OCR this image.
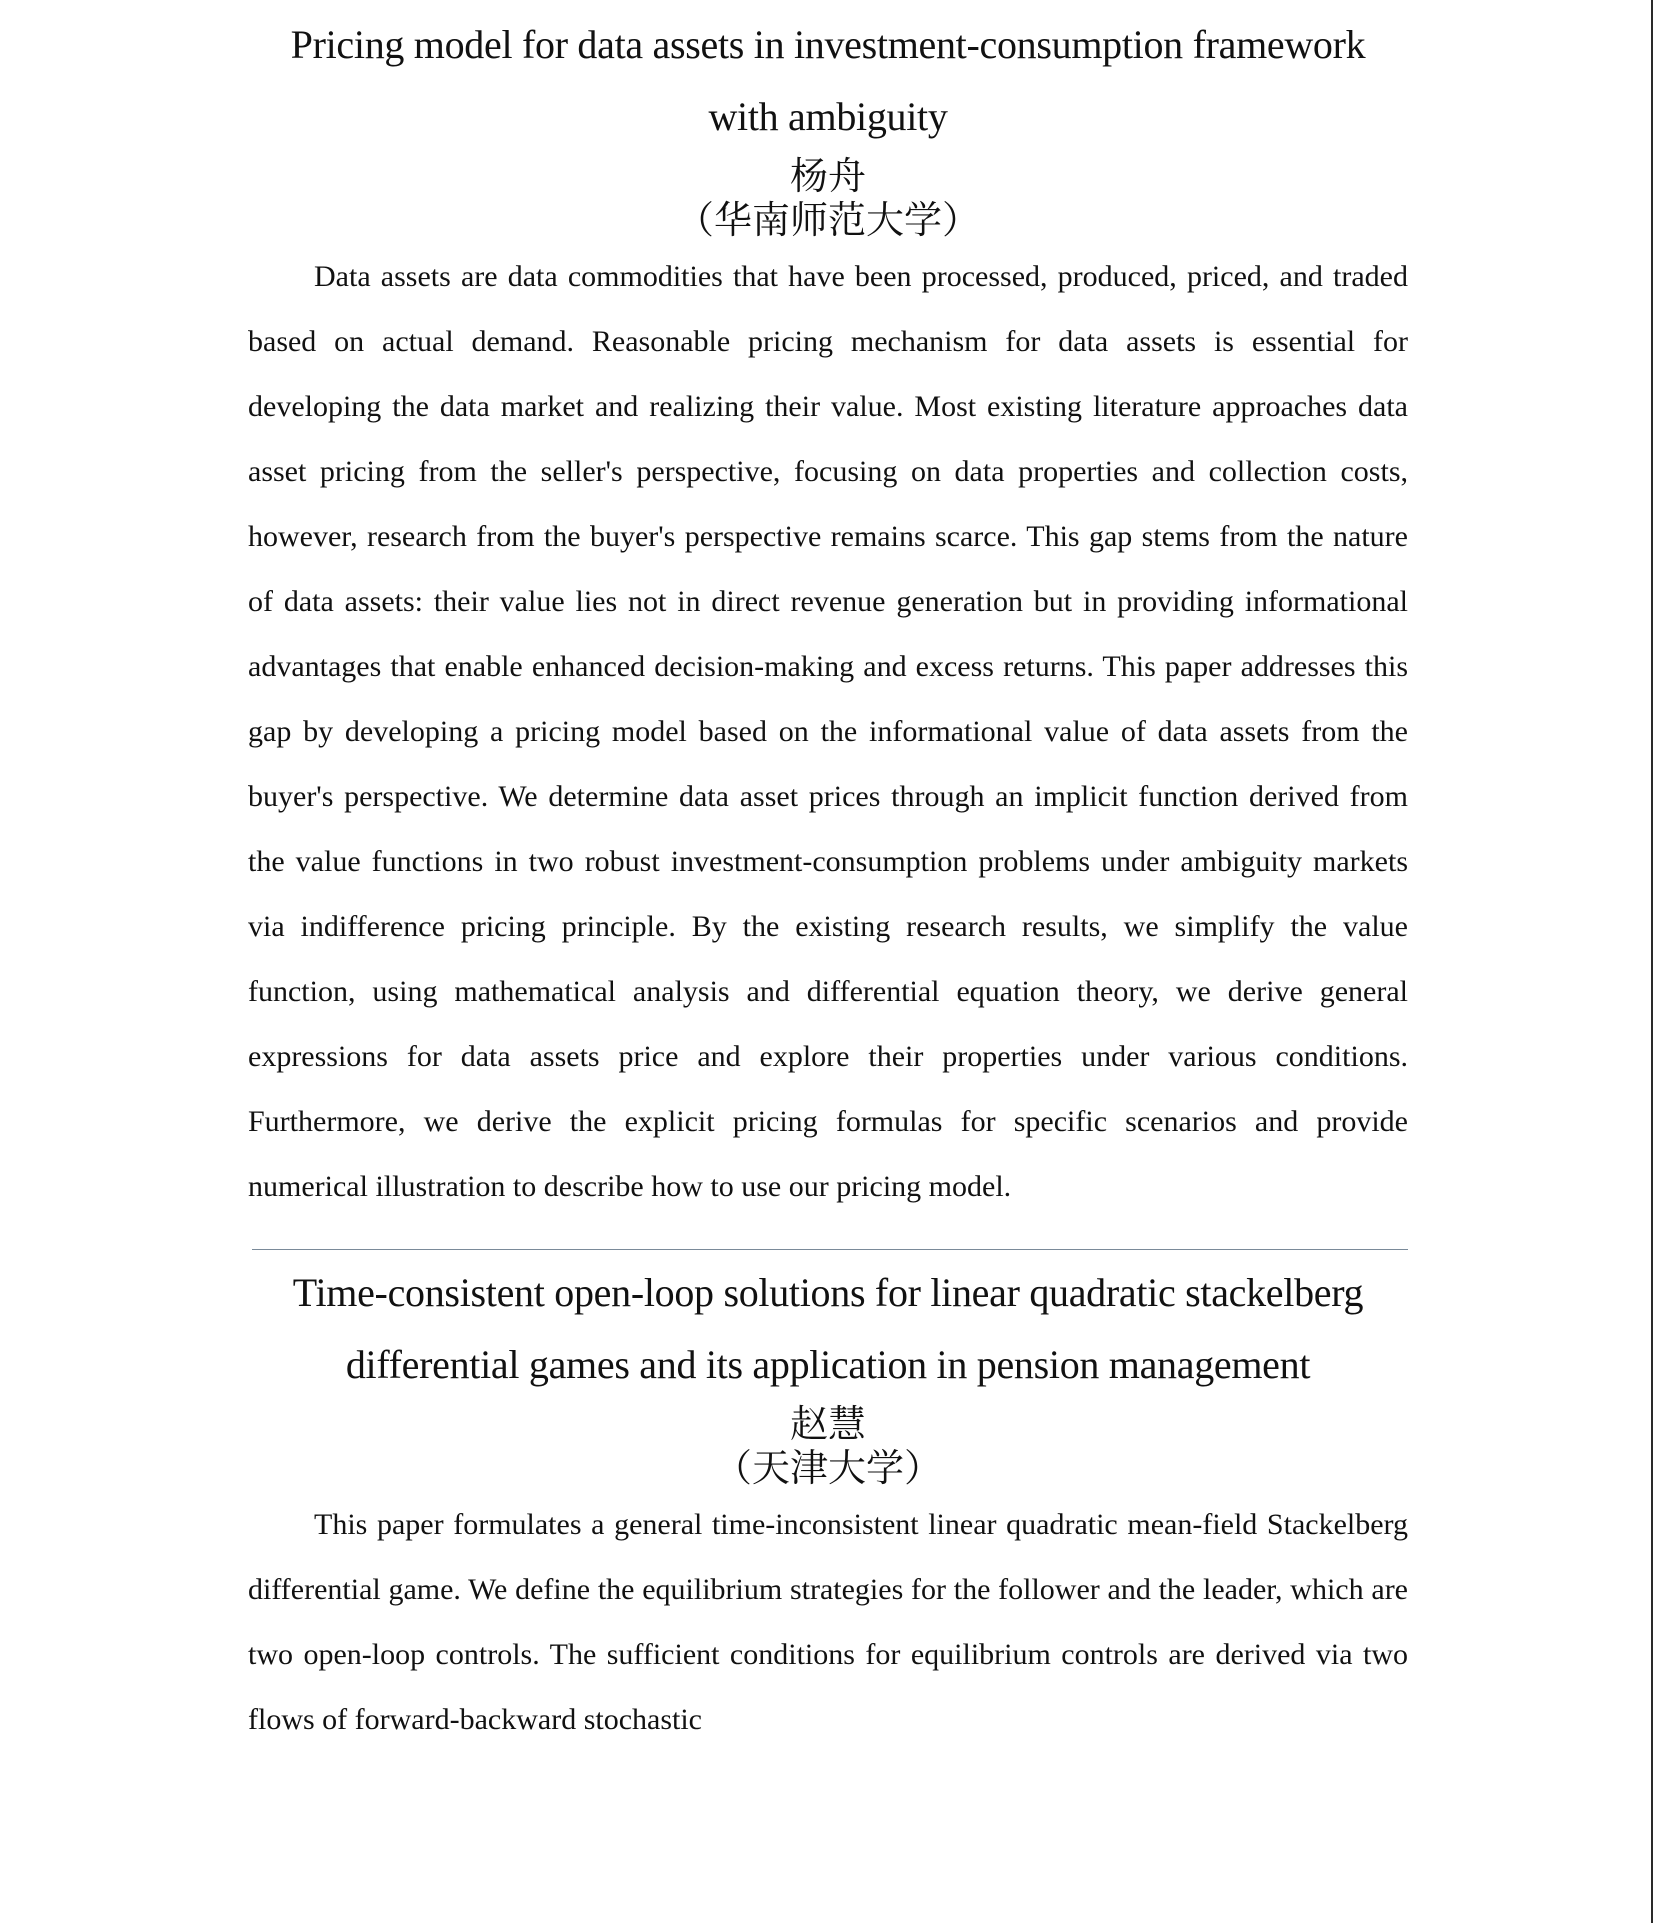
Pricing model for data assets in investment-consumption framework
with ambiguity

杨舟

（华南师范大学）

Data assets are data commodities that have been processed, produced, priced, and traded based on actual demand. Reasonable pricing mechanism for data assets is essential for developing the data market and realizing their value. Most existing literature approaches data asset pricing from the seller's perspective, focusing on data properties and collection costs, however, research from the buyer's perspective remains scarce. This gap stems from the nature of data assets: their value lies not in direct revenue generation but in providing informational advantages that enable enhanced decision-making and excess returns. This paper addresses this gap by developing a pricing model based on the informational value of data assets from the buyer's perspective. We determine data asset prices through an implicit function derived from the value functions in two robust investment-consumption problems under ambiguity markets via indifference pricing principle. By the existing research results, we simplify the value function, using mathematical analysis and differential equation theory, we derive general expressions for data assets price and explore their properties under various conditions. Furthermore, we derive the explicit pricing formulas for specific scenarios and provide numerical illustration to describe how to use our pricing model.

Time-consistent open-loop solutions for linear quadratic stackelberg
differential games and its application in pension management

赵慧

（天津大学）

This paper formulates a general time-inconsistent linear quadratic mean-field Stackelberg differential game. We define the equilibrium strategies for the follower and the leader, which are two open-loop controls. The sufficient conditions for equilibrium controls are derived via two flows of forward-backward stochastic
